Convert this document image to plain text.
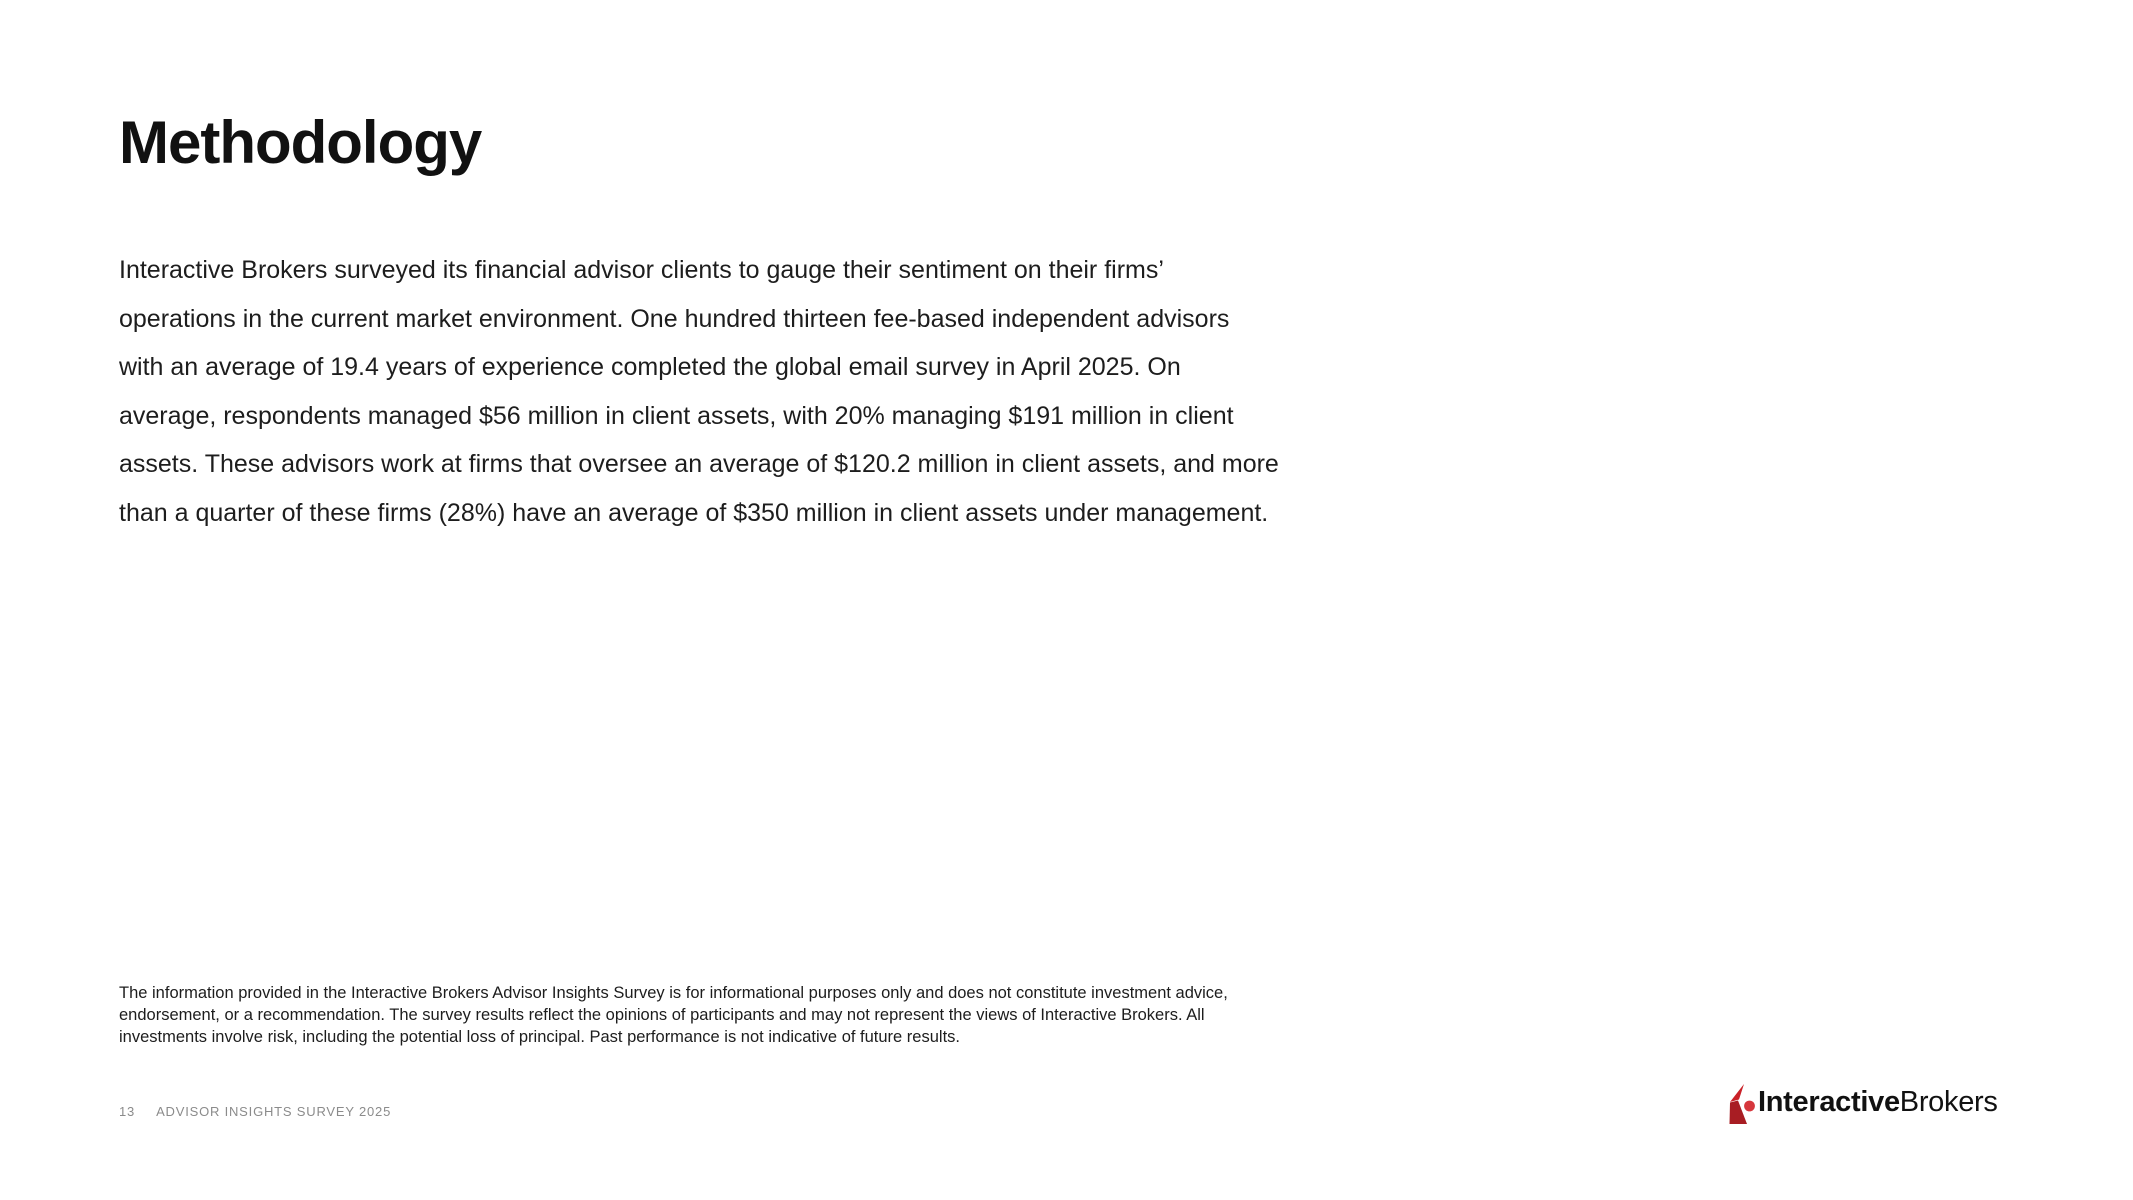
Methodology
Interactive Brokers surveyed its financial advisor clients to gauge their sentiment on their firms’
operations in the current market environment. One hundred thirteen fee-based independent advisors
with an average of 19.4 years of experience completed the global email survey in April 2025. On
average, respondents managed $56 million in client assets, with 20% managing $191 million in client
assets. These advisors work at firms that oversee an average of $120.2 million in client assets, and more
than a quarter of these firms (28%) have an average of $350 million in client assets under management.
The information provided in the Interactive Brokers Advisor Insights Survey is for informational purposes only and does not constitute investment advice,
endorsement, or a recommendation. The survey results reflect the opinions of participants and may not represent the views of Interactive Brokers. All
investments involve risk, including the potential loss of principal. Past performance is not indicative of future results.
13 ADVISOR INSIGHTS SURVEY 2025	InteractiveBrokers
